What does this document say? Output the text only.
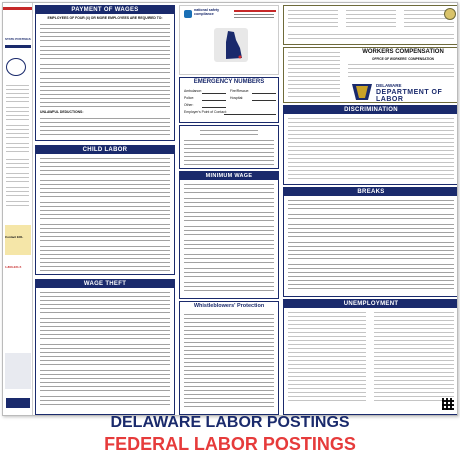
STATE POSTINGS
Contact EOL
1-800-221-5
PAYMENT OF WAGES
EMPLOYEES OF FOUR (4) OR MORE EMPLOYEES ARE REQUIRED TO:
UNLAWFUL DEDUCTIONS:
CHILD LABOR
WAGE THEFT
national safety compliance
EMERGENCY NUMBERS
Ambulance:	Fire/Rescue:
Police:	Hospital:
Other:
Employer's Point of Contact:
MINIMUM WAGE
Whistleblowers' Protection
WORKERS COMPENSATION
OFFICE OF WORKERS' COMPENSATION
DELAWARE
DEPARTMENT OF LABOR
DISCRIMINATION
BREAKS
UNEMPLOYMENT
DELAWARE LABOR POSTINGS
FEDERAL LABOR POSTINGS
